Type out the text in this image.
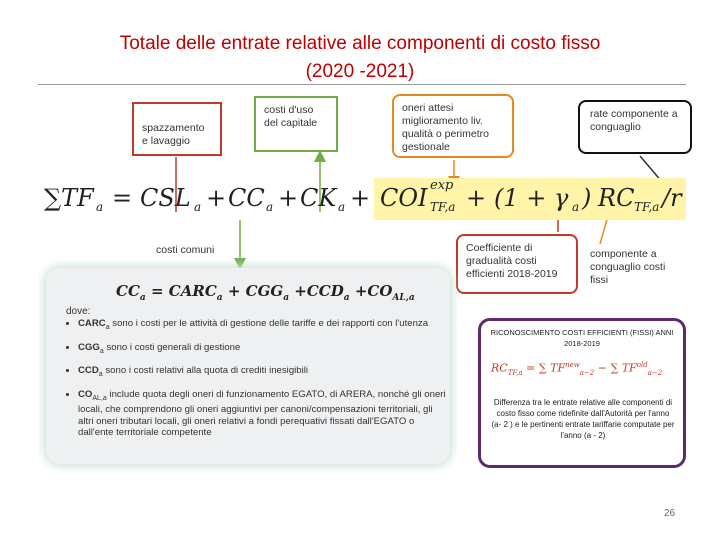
Totale delle entrate relative alle componenti di costo fisso
(2020 -2021)
spazzamento e lavaggio
costi d'uso del capitale
oneri attesi miglioramento liv. qualità o perimetro gestionale
rate componente a conguaglio
∑TF a = CSL a + CC a + CK a + COI exp
TF,a + (1 + γ a ) RC TF,a /r
costi comuni	Coefficiente di gradualità costi efficienti 2018-2019
componente a conguaglio costi fissi
$CC_a$ = $CARC_a + CGG_a +CCD_a +CO_{AL,a}$
dove:
• $CARC_a$ sono i costi per le attività di gestione delle tariffe e dei rapporti con l'utenza
• $CGG_a$ sono i costi generali di gestione
• $CCD_a$ sono i costi relativi alla quota di crediti inesigibili
• $CO_{AL,a}$ include quota degli oneri di funzionamento EGATO, di ARERA, nonché gli oneri locali, che comprendono gli oneri aggiuntivi per canoni/compensazioni territoriali, gli altri oneri tributari locali, gli oneri relativi a fondi perequativi fissati dall'EGATO o dall'ente territoriale competente
RICONOSCIMENTO COSTI EFFICIENTI (FISSI) ANNI 2018-2019
$RC_{TF,a}$ = ∑ $TF^{new}_{a-2}$ − ∑ $TF^{old}_{a-2}$
Differenza tra le entrate relative alle componenti di costo fisso come ridefinite dall'Autorità per l'anno (a- 2 ) e le pertinenti entrate tariffarie computate per l'anno (a - 2)
26
